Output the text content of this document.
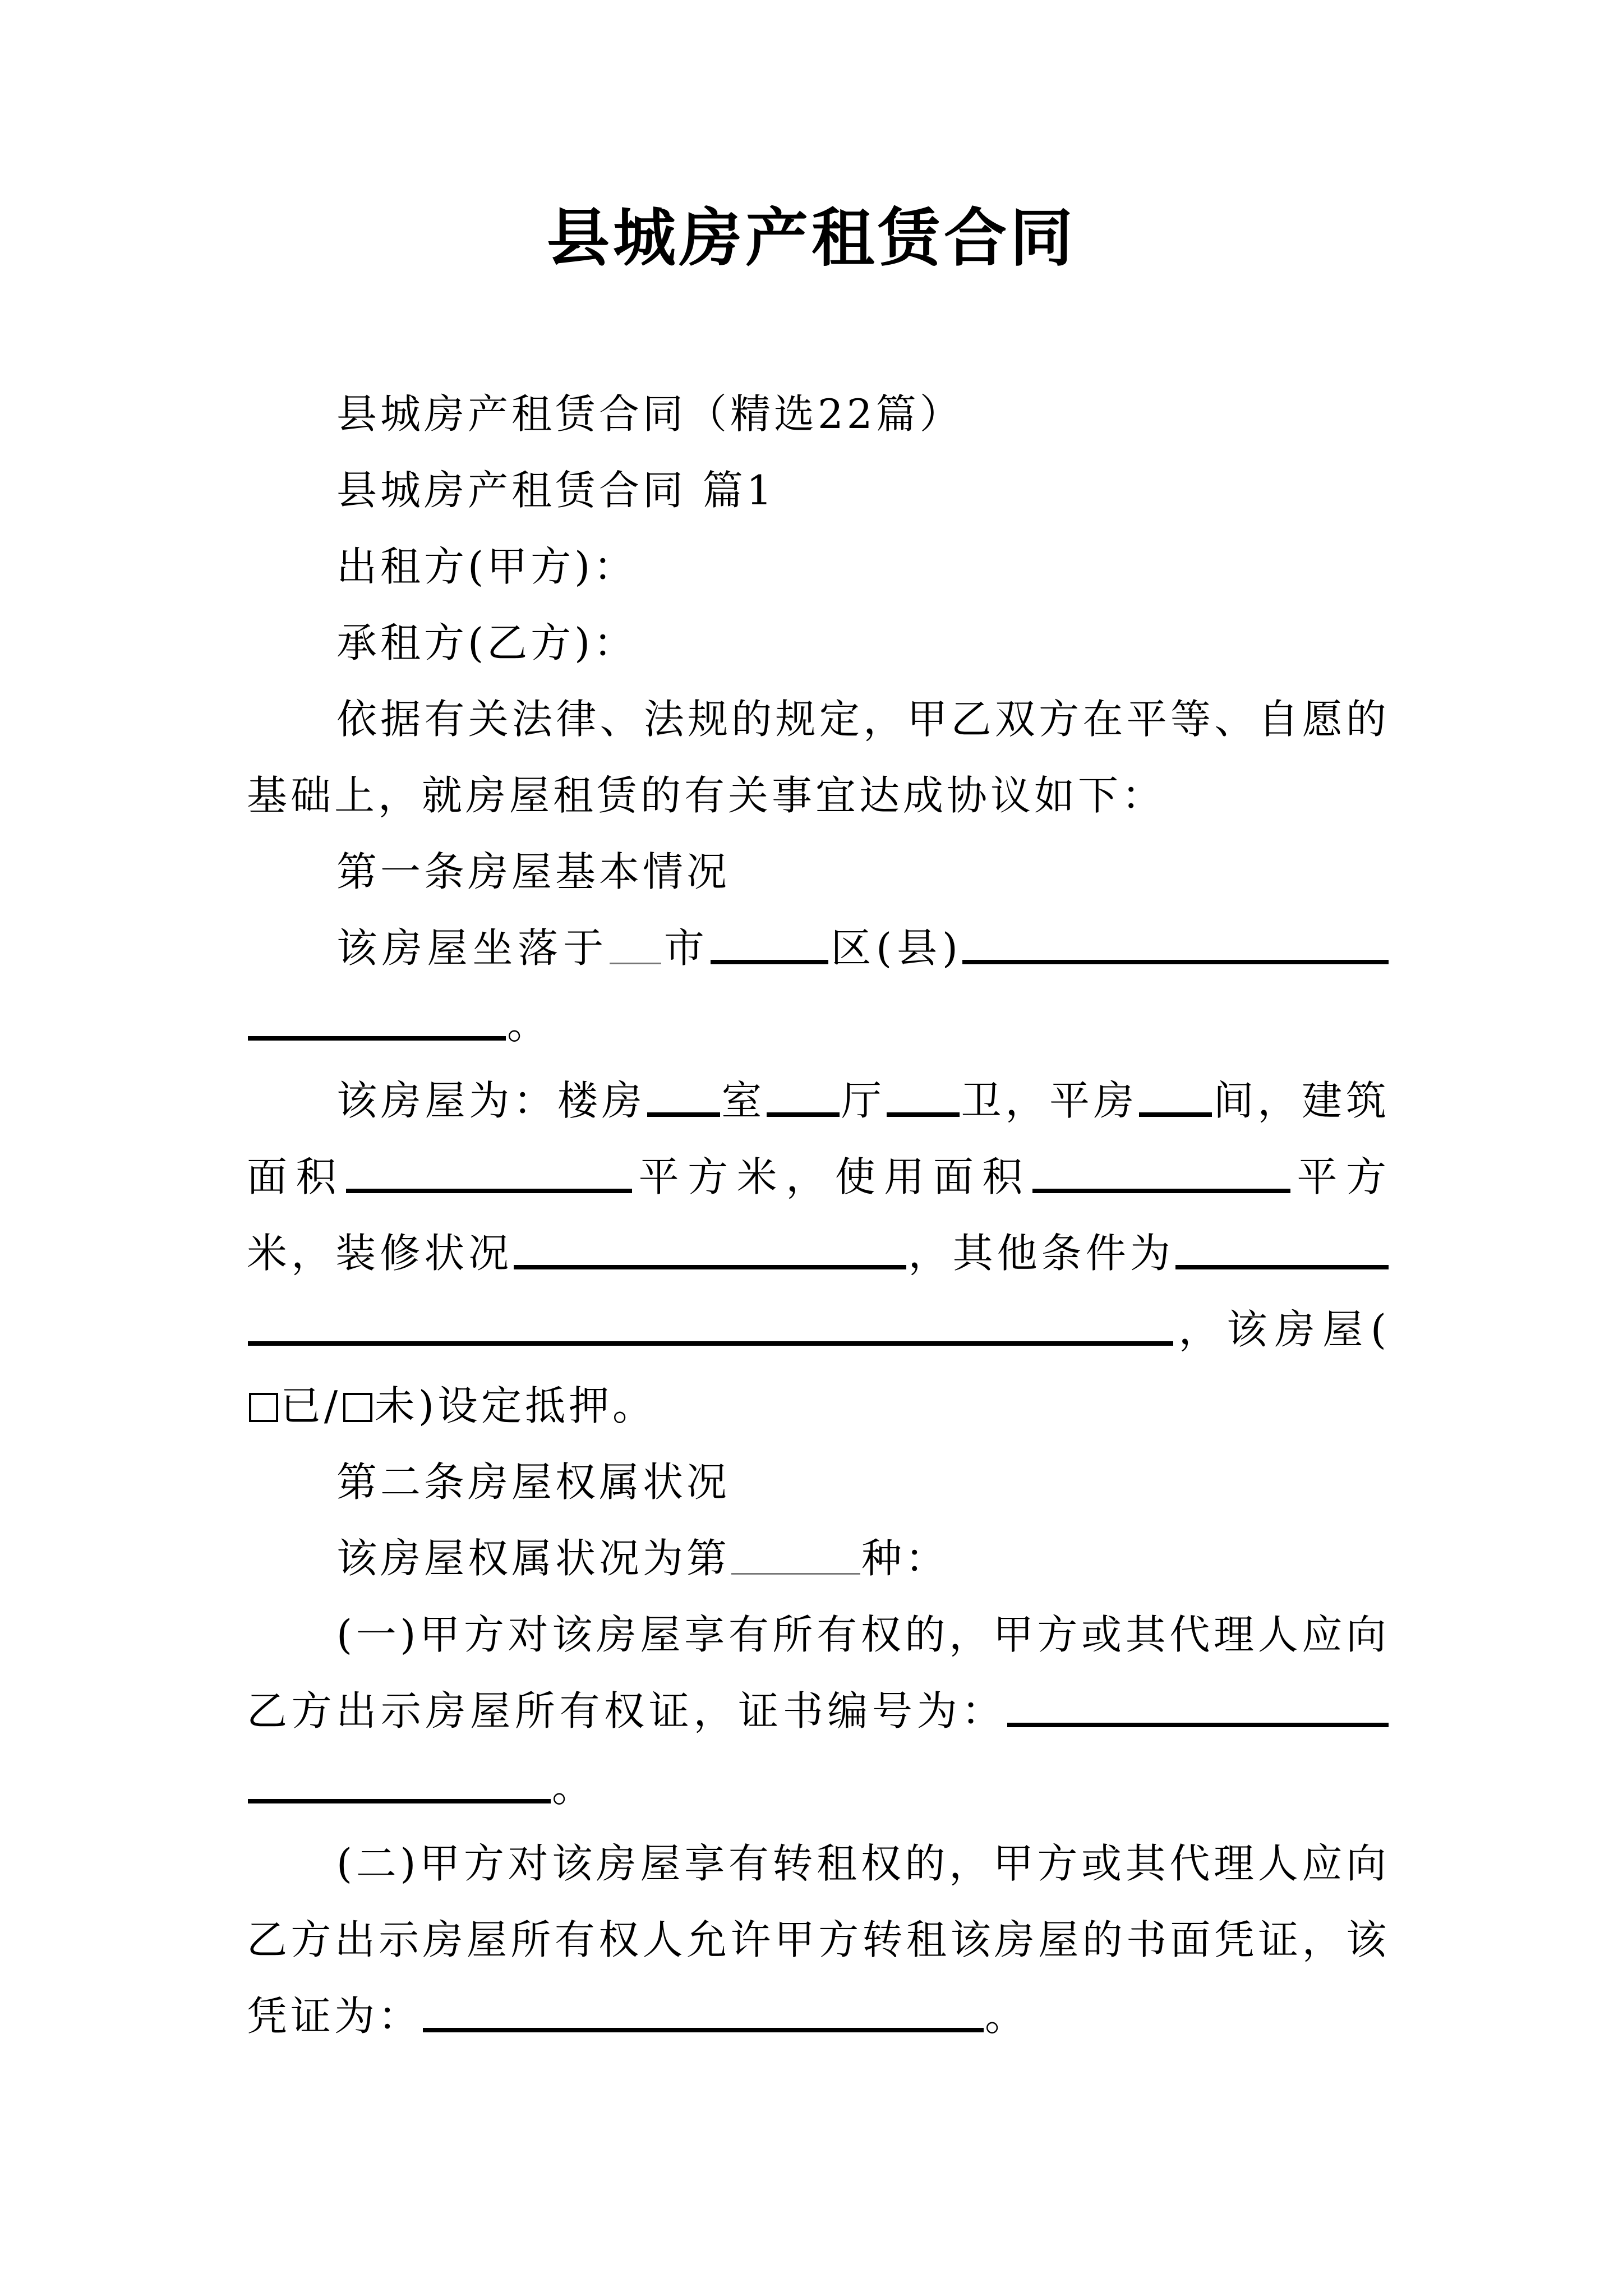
县城房产租赁合同

县城房产租赁合同（精选22篇）

县城房产租赁合同 篇1

出租方(甲方)：

承租方(乙方)：

依据有关法律、法规的规定，甲乙双方在平等、自愿的基础上，就房屋租赁的有关事宜达成协议如下：

第一条房屋基本情况

该房屋坐落于 市	区(县)。

该房屋为：楼房 室 厅 卫，平房 间，建筑面积	平方米，使用面积	平方米，装修状况	，其他条件为，该房屋(已/ 未)设定抵押。

第二条房屋权属状况

该房屋权属状况为第	种：

(一)甲方对该房屋享有所有权的，甲方或其代理人应向乙方出示房屋所有权证，证书编号为：。

(二)甲方对该房屋享有转租权的，甲方或其代理人应向乙方出示房屋所有权人允许甲方转租该房屋的书面凭证，该凭证为：	。
